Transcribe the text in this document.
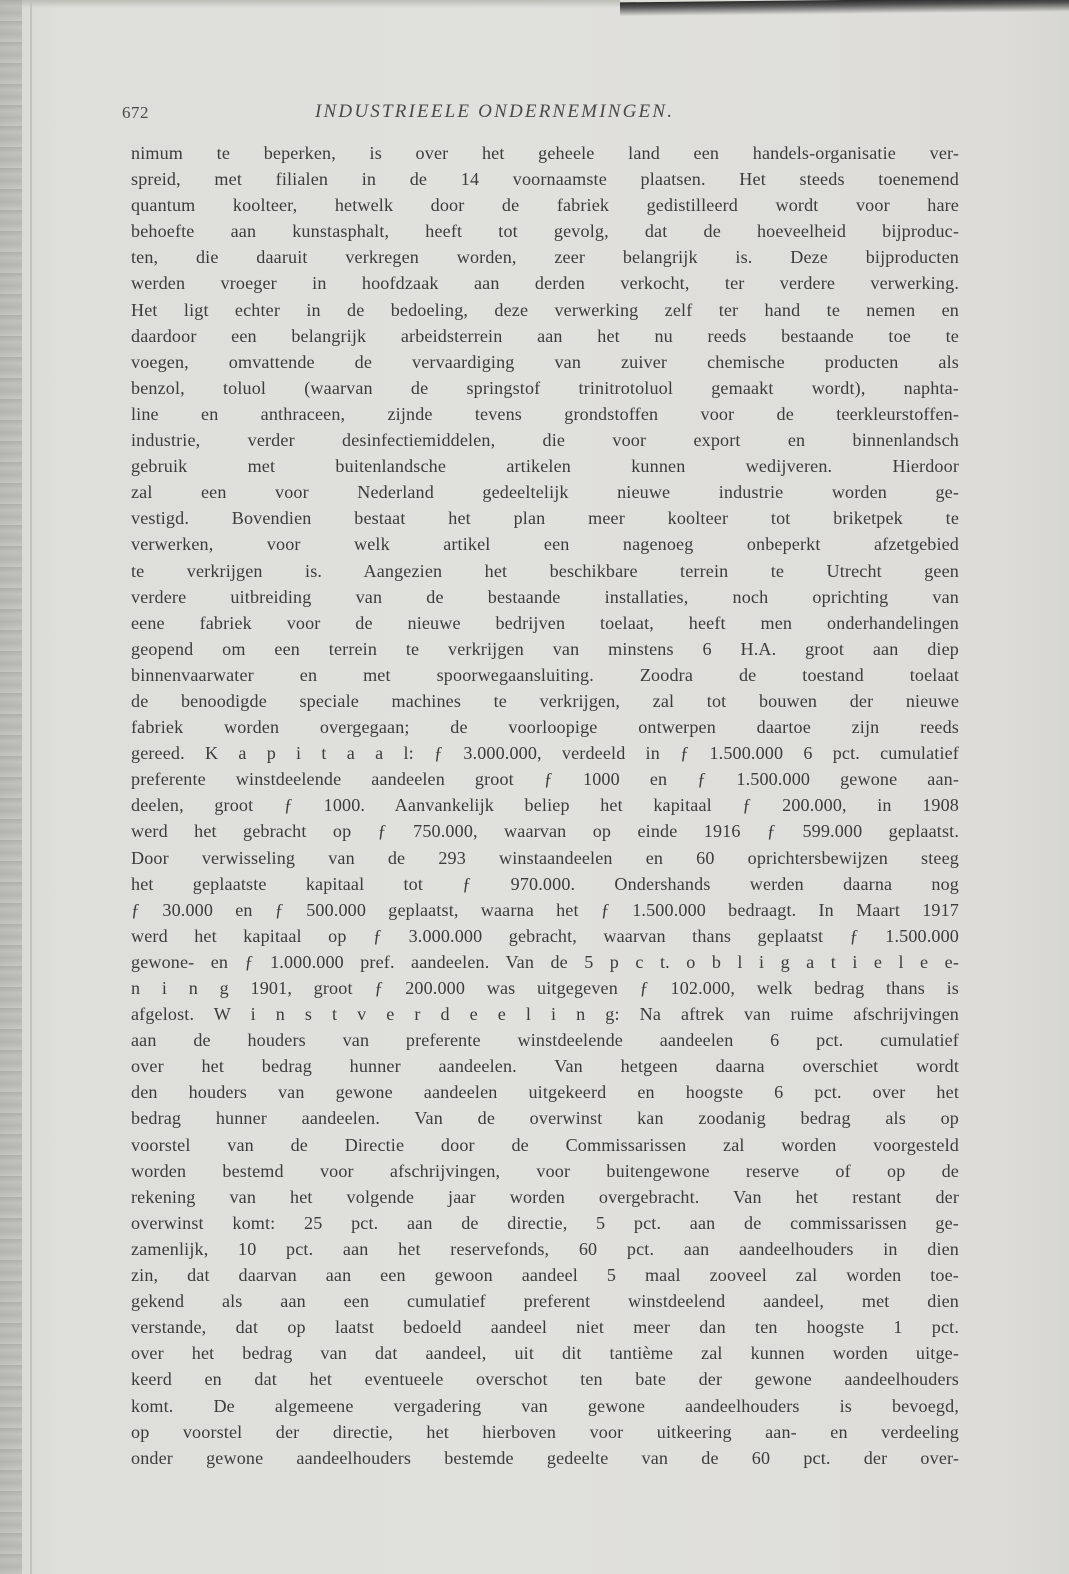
672	INDUSTRIEELE ONDERNEMINGEN.
nimum te beperken, is over het geheele land een handels-organisatie ver-
spreid, met filialen in de 14 voornaamste plaatsen. Het steeds toenemend
quantum koolteer, hetwelk door de fabriek gedistilleerd wordt voor hare
behoefte aan kunstasphalt, heeft tot gevolg, dat de hoeveelheid bijproduc-
ten, die daaruit verkregen worden, zeer belangrijk is. Deze bijproducten
werden vroeger in hoofdzaak aan derden verkocht, ter verdere verwerking.
Het ligt echter in de bedoeling, deze verwerking zelf ter hand te nemen en
daardoor een belangrijk arbeidsterrein aan het nu reeds bestaande toe te
voegen, omvattende de vervaardiging van zuiver chemische producten als
benzol, toluol (waarvan de springstof trinitrotoluol gemaakt wordt), naphta-
line en anthraceen, zijnde tevens grondstoffen voor de teerkleurstoffen-
industrie, verder desinfectiemiddelen, die voor export en binnenlandsch
gebruik met buitenlandsche artikelen kunnen wedijveren. Hierdoor
zal een voor Nederland gedeeltelijk nieuwe industrie worden ge-
vestigd. Bovendien bestaat het plan meer koolteer tot briketpek te
verwerken, voor welk artikel een nagenoeg onbeperkt afzetgebied
te verkrijgen is. Aangezien het beschikbare terrein te Utrecht geen
verdere uitbreiding van de bestaande installaties, noch oprichting van
eene fabriek voor de nieuwe bedrijven toelaat, heeft men onderhandelingen
geopend om een terrein te verkrijgen van minstens 6 H.A. groot aan diep
binnenvaarwater en met spoorwegaansluiting. Zoodra de toestand toelaat
de benoodigde speciale machines te verkrijgen, zal tot bouwen der nieuwe
fabriek worden overgegaan; de voorloopige ontwerpen daartoe zijn reeds
gereed. K a p i t a a l: ƒ 3.000.000, verdeeld in ƒ 1.500.000 6 pct. cumulatief
preferente winstdeelende aandeelen groot ƒ 1000 en ƒ 1.500.000 gewone aan-
deelen, groot ƒ 1000. Aanvankelijk beliep het kapitaal ƒ 200.000, in 1908
werd het gebracht op ƒ 750.000, waarvan op einde 1916 ƒ 599.000 geplaatst.
Door verwisseling van de 293 winstaandeelen en 60 oprichtersbewijzen steeg
het geplaatste kapitaal tot ƒ 970.000. Ondershands werden daarna nog
ƒ 30.000 en ƒ 500.000 geplaatst, waarna het ƒ 1.500.000 bedraagt. In Maart 1917
werd het kapitaal op ƒ 3.000.000 gebracht, waarvan thans geplaatst ƒ 1.500.000
gewone- en ƒ 1.000.000 pref. aandeelen. Van de 5 p c t. o b l i g a t i e l e e-
n i n g 1901, groot ƒ 200.000 was uitgegeven ƒ 102.000, welk bedrag thans is
afgelost. W i n s t v e r d e e l i n g: Na aftrek van ruime afschrijvingen
aan de houders van preferente winstdeelende aandeelen 6 pct. cumulatief
over het bedrag hunner aandeelen. Van hetgeen daarna overschiet wordt
den houders van gewone aandeelen uitgekeerd en hoogste 6 pct. over het
bedrag hunner aandeelen. Van de overwinst kan zoodanig bedrag als op
voorstel van de Directie door de Commissarissen zal worden voorgesteld
worden bestemd voor afschrijvingen, voor buitengewone reserve of op de
rekening van het volgende jaar worden overgebracht. Van het restant der
overwinst komt: 25 pct. aan de directie, 5 pct. aan de commissarissen ge-
zamenlijk, 10 pct. aan het reservefonds, 60 pct. aan aandeelhouders in dien
zin, dat daarvan aan een gewoon aandeel 5 maal zooveel zal worden toe-
gekend als aan een cumulatief preferent winstdeelend aandeel, met dien
verstande, dat op laatst bedoeld aandeel niet meer dan ten hoogste 1 pct.
over het bedrag van dat aandeel, uit dit tantième zal kunnen worden uitge-
keerd en dat het eventueele overschot ten bate der gewone aandeelhouders
komt. De algemeene vergadering van gewone aandeelhouders is bevoegd,
op voorstel der directie, het hierboven voor uitkeering aan- en verdeeling
onder gewone aandeelhouders bestemde gedeelte van de 60 pct. der over-
